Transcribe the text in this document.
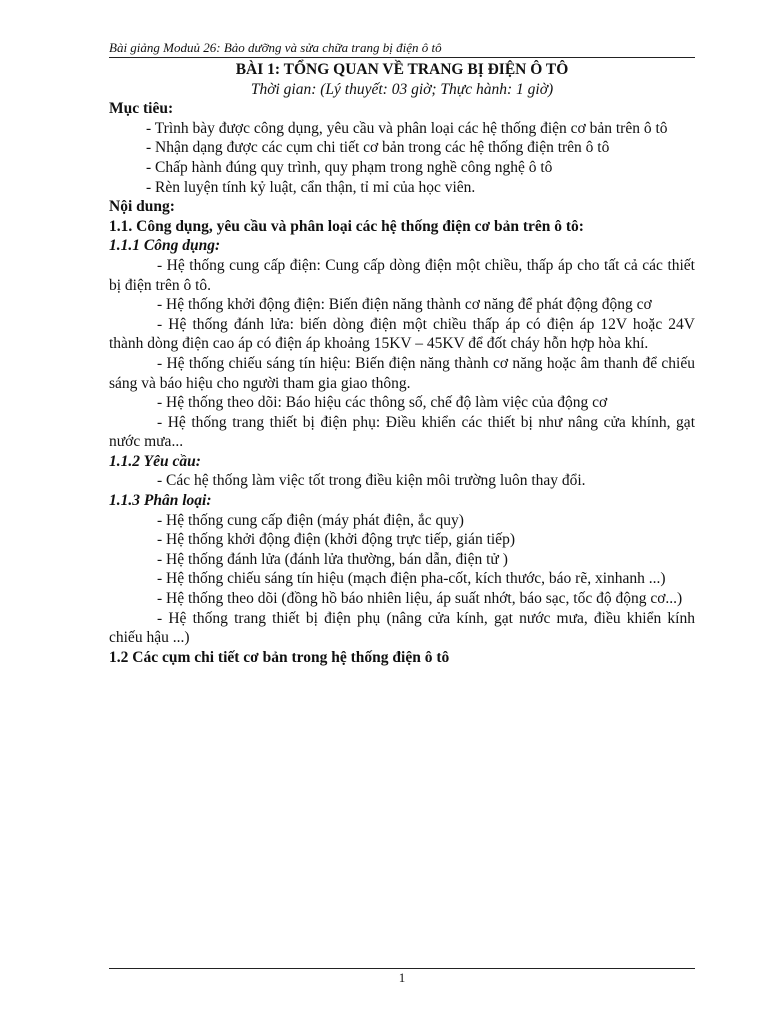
Bài giảng Moduủ 26: Bảo dưỡng và sửa chữa trang bị điện ô tô

BÀI 1: TỔNG QUAN VỀ TRANG BỊ ĐIỆN Ô TÔ

Thời gian: (Lý thuyết: 03 giờ; Thực hành: 1 giờ)

Mục tiêu:

- Trình bày được công dụng, yêu cầu và phân loại các hệ thống điện cơ bản trên ô tô

- Nhận dạng được các cụm chi tiết cơ bản trong các hệ thống điện trên ô tô

- Chấp hành đúng quy trình, quy phạm trong nghề công nghệ ô tô

- Rèn luyện tính kỷ luật, cẩn thận, tỉ mỉ của học viên.

Nội dung:

1.1. Công dụng, yêu cầu và phân loại các hệ thống điện cơ bản trên ô tô:

1.1.1 Công dụng:

- Hệ thống cung cấp điện: Cung cấp dòng điện một chiều, thấp áp cho tất cả các thiết bị điện trên ô tô.

- Hệ thống khởi động điện: Biến điện năng thành cơ năng để phát động động cơ

- Hệ thống đánh lửa: biến dòng điện một chiều thấp áp có điện áp 12V hoặc 24V thành dòng điện cao áp có điện áp khoảng 15KV – 45KV để đốt cháy hỗn hợp hòa khí.

- Hệ thống chiếu sáng tín hiệu: Biến điện năng thành cơ năng hoặc âm thanh để chiếu sáng và báo hiệu cho người tham gia giao thông.

- Hệ thống theo dõi: Báo hiệu các thông số, chế độ làm việc của động cơ

- Hệ thống trang thiết bị điện phụ: Điều khiển các thiết bị như nâng cửa khính, gạt nước mưa...

1.1.2 Yêu cầu:

- Các hệ thống làm việc tốt trong điều kiện môi trường luôn thay đổi.

1.1.3 Phân loại:

- Hệ thống cung cấp điện (máy phát điện, ắc quy)

- Hệ thống khởi động điện (khởi động trực tiếp, gián tiếp)

- Hệ thống đánh lửa (đánh lửa thường, bán dẫn, điện tử )

- Hệ thống chiếu sáng tín hiệu (mạch điện pha-cốt, kích thước, báo rẽ, xinhanh ...)

- Hệ thống theo dõi (đồng hồ báo nhiên liệu, áp suất nhớt, báo sạc, tốc độ động cơ...)

- Hệ thống trang thiết bị điện phụ (nâng cửa kính, gạt nước mưa, điều khiển kính chiếu hậu ...)

1.2 Các cụm chi tiết cơ bản trong hệ thống điện ô tô

1
